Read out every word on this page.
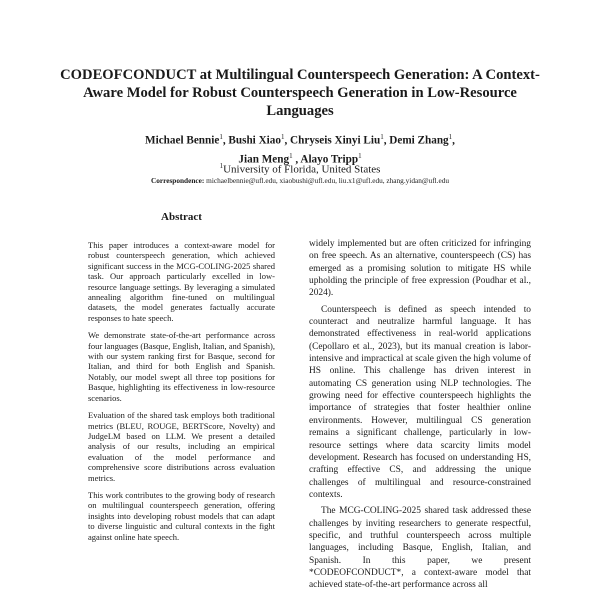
CODEOFCONDUCT at Multilingual Counterspeech Generation: A Context-Aware Model for Robust Counterspeech Generation in Low-Resource Languages
Michael Bennie$^1$, Bushi Xiao$^1$, Chryseis Xinyi Liu$^1$, Demi Zhang$^1$,
Jian Meng$^1$ , Alayo Tripp$^1$
$^1$University of Florida, United States
Correspondence: michaelbennie@ufl.edu, xiaobushi@ufl.edu, liu.x1@ufl.edu, zhang.yidan@ufl.edu
Abstract

This paper introduces a context-aware model for robust counterspeech generation, which achieved significant success in the MCG-COLING-2025 shared task. Our approach particularly excelled in low-resource language settings. By leveraging a simulated annealing algorithm fine-tuned on multilingual datasets, the model generates factually accurate responses to hate speech.

We demonstrate state-of-the-art performance across four languages (Basque, English, Italian, and Spanish), with our system ranking first for Basque, second for Italian, and third for both English and Spanish. Notably, our model swept all three top positions for Basque, highlighting its effectiveness in low-resource scenarios.

Evaluation of the shared task employs both traditional metrics (BLEU, ROUGE, BERTScore, Novelty) and JudgeLM based on LLM. We present a detailed analysis of our results, including an empirical evaluation of the model performance and comprehensive score distributions across evaluation metrics.

This work contributes to the growing body of research on multilingual counterspeech generation, offering insights into developing robust models that can adapt to diverse linguistic and cultural contexts in the fight against online hate speech.

widely implemented but are often criticized for infringing on free speech. As an alternative, counterspeech (CS) has emerged as a promising solution to mitigate HS while upholding the principle of free expression (Poudhar et al., 2024).

Counterspeech is defined as speech intended to counteract and neutralize harmful language. It has demonstrated effectiveness in real-world applications (Cepollaro et al., 2023), but its manual creation is labor-intensive and impractical at scale given the high volume of HS online. This challenge has driven interest in automating CS generation using NLP technologies. The growing need for effective counterspeech highlights the importance of strategies that foster healthier online environments. However, multilingual CS generation remains a significant challenge, particularly in low-resource settings where data scarcity limits model development. Research has focused on understanding HS, crafting effective CS, and addressing the unique challenges of multilingual and resource-constrained contexts.

The MCG-COLING-2025 shared task addressed these challenges by inviting researchers to generate respectful, specific, and truthful counterspeech across multiple languages, including Basque, English, Italian, and Spanish. In this paper, we present *CODEOFCONDUCT*, a context-aware model that achieved state-of-the-art performance across all
